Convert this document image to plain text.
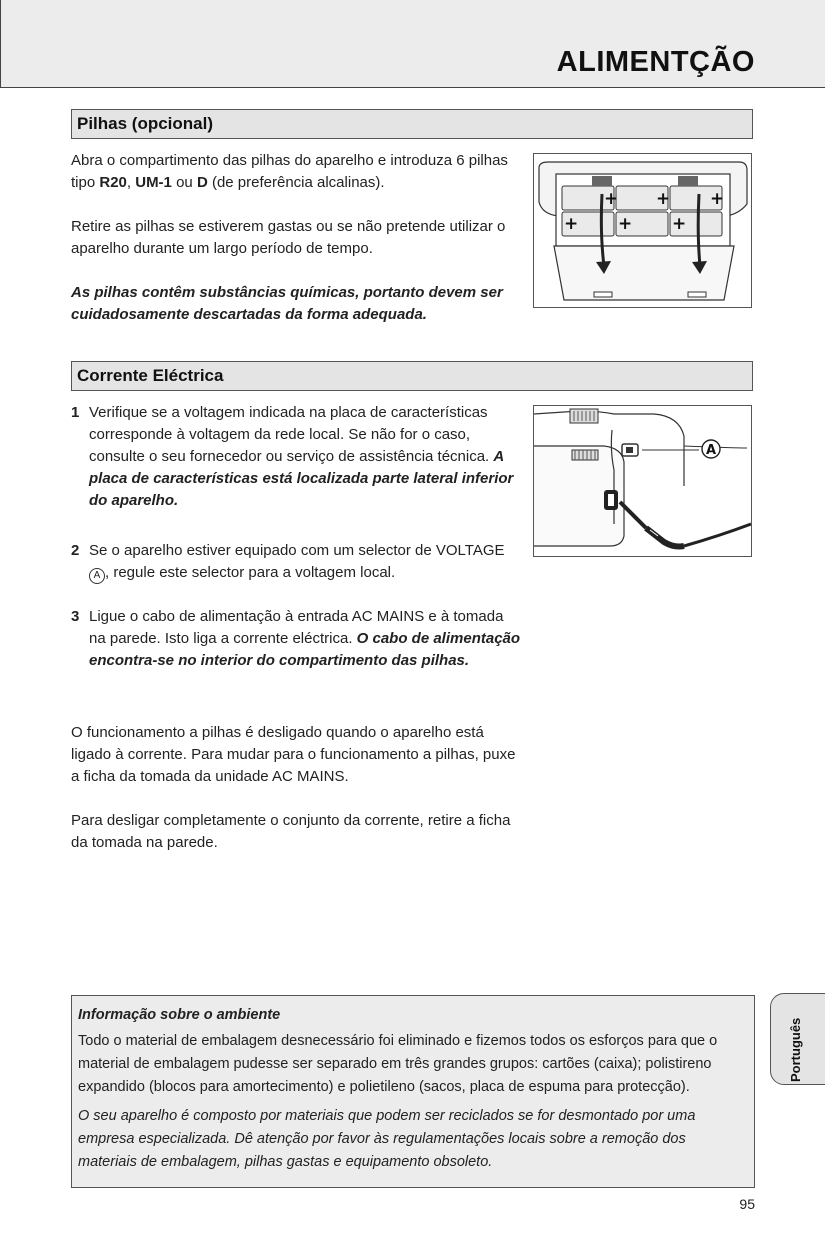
ALIMENTÇÃO
Pilhas (opcional)

Abra o compartimento das pilhas do aparelho e introduza 6 pilhas tipo R20, UM-1 ou D (de preferência alcalinas).

Retire as pilhas se estiverem gastas ou se não pretende utilizar o aparelho durante um largo período de tempo.

As pilhas contêm substâncias químicas, portanto devem ser cuidadosamente descartadas da forma adequada.

+ + +
+ + +
Corrente Eléctrica
1 Verifique se a voltagem indicada na placa de características corresponde à voltagem da rede local. Se não for o caso, consulte o seu fornecedor ou serviço de assistência técnica. A placa de características está localizada parte lateral inferior do aparelho.
2 Se o aparelho estiver equipado com um selector de VOLTAGE A , regule este selector para a voltagem local.
3 Ligue o cabo de alimentação à entrada AC MAINS e à tomada na parede. Isto liga a corrente eléctrica. O cabo de alimentação encontra-se no interior do compartimento das pilhas.

O funcionamento a pilhas é desligado quando o aparelho está ligado à corrente. Para mudar para o funcionamento a pilhas, puxe a ficha da tomada da unidade AC MAINS.

Para desligar completamente o conjunto da corrente, retire a ficha da tomada na parede.

A

Informação sobre o ambiente

Todo o material de embalagem desnecessário foi eliminado e fizemos todos os esforços para que o material de embalagem pudesse ser separado em três grandes grupos: cartões (caixa); polistireno expandido (blocos para amortecimento) e polietileno (sacos, placa de espuma para protecção).

O seu aparelho é composto por materiais que podem ser reciclados se for desmontado por uma empresa especializada. Dê atenção por favor às regulamentações locais sobre a remoção dos materiais de embalagem, pilhas gastas e equipamento obsoleto.

Português
95
